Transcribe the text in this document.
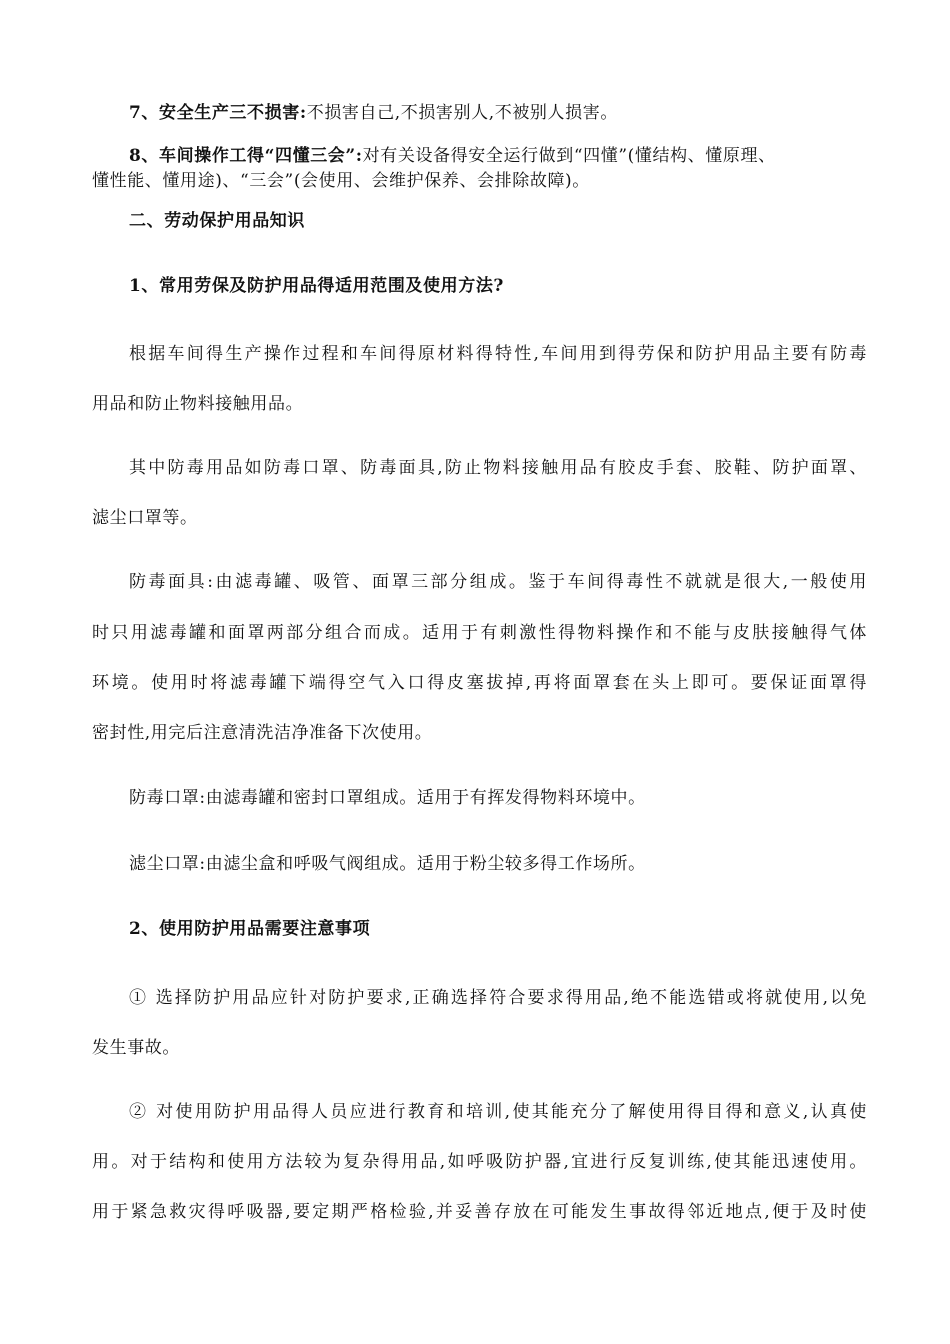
7、安全生产三不损害:不损害自己,不损害别人,不被别人损害。
8、车间操作工得“四懂三会”:对有关设备得安全运行做到“四懂”(懂结构、懂原理、
懂性能、懂用途)、“三会”(会使用、会维护保养、会排除故障)。
二、劳动保护用品知识
1、常用劳保及防护用品得适用范围及使用方法?
根据车间得生产操作过程和车间得原材料得特性,车间用到得劳保和防护用品主要有防毒
用品和防止物料接触用品。
其中防毒用品如防毒口罩、防毒面具,防止物料接触用品有胶皮手套、胶鞋、防护面罩、
滤尘口罩等。
防毒面具:由滤毒罐、吸管、面罩三部分组成。鉴于车间得毒性不就就是很大,一般使用
时只用滤毒罐和面罩两部分组合而成。适用于有刺激性得物料操作和不能与皮肤接触得气体
环境。使用时将滤毒罐下端得空气入口得皮塞拔掉,再将面罩套在头上即可。要保证面罩得
密封性,用完后注意清洗洁净准备下次使用。
防毒口罩:由滤毒罐和密封口罩组成。适用于有挥发得物料环境中。
滤尘口罩:由滤尘盒和呼吸气阀组成。适用于粉尘较多得工作场所。
2、使用防护用品需要注意事项
① 选择防护用品应针对防护要求,正确选择符合要求得用品,绝不能选错或将就使用,以免
发生事故。
② 对使用防护用品得人员应进行教育和培训,使其能充分了解使用得目得和意义,认真使
用。对于结构和使用方法较为复杂得用品,如呼吸防护器,宜进行反复训练,使其能迅速使用。
用于紧急救灾得呼吸器,要定期严格检验,并妥善存放在可能发生事故得邻近地点,便于及时使
